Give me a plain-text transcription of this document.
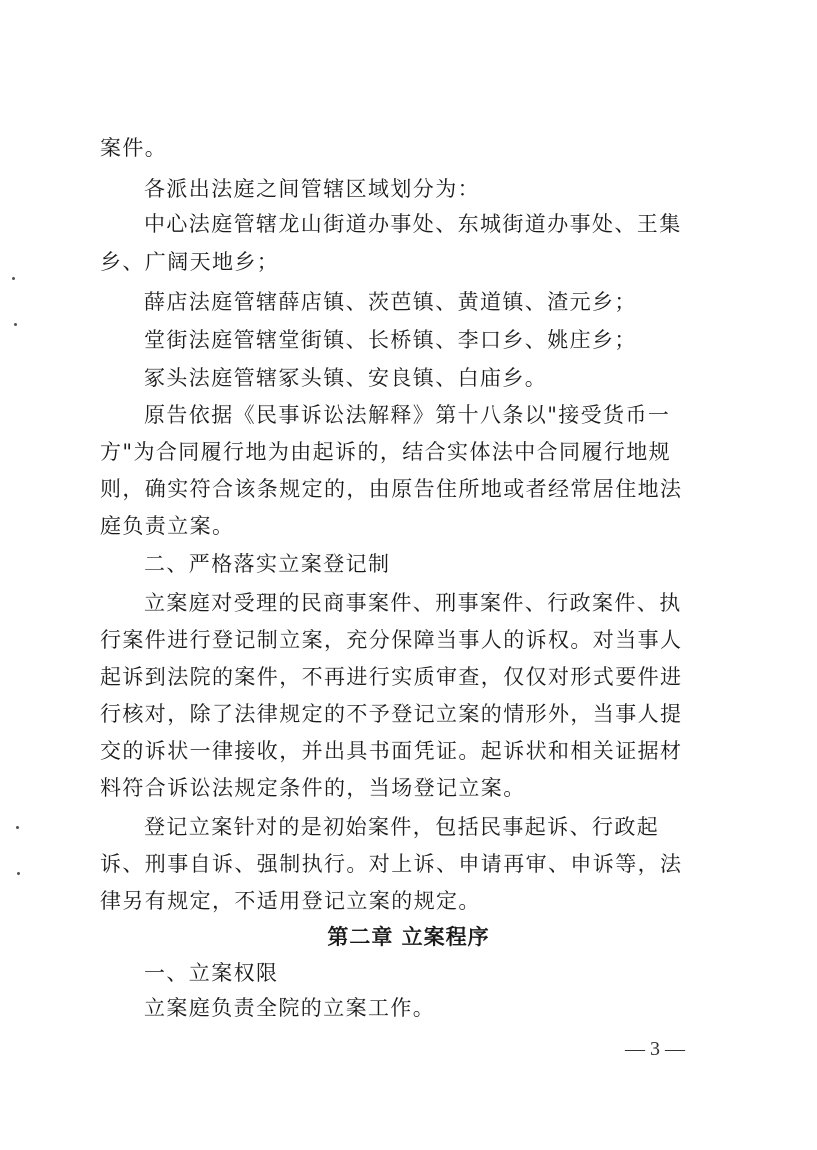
案件。
各派出法庭之间管辖区域划分为：
中心法庭管辖龙山街道办事处、东城街道办事处、王集
乡、广阔天地乡；
薛店法庭管辖薛店镇、茨芭镇、黄道镇、渣元乡；
堂街法庭管辖堂街镇、长桥镇、李口乡、姚庄乡；
冢头法庭管辖冢头镇、安良镇、白庙乡。
原告依据《民事诉讼法解释》第十八条以"接受货币一
方"为合同履行地为由起诉的，结合实体法中合同履行地规
则，确实符合该条规定的，由原告住所地或者经常居住地法
庭负责立案。
二、严格落实立案登记制
立案庭对受理的民商事案件、刑事案件、行政案件、执
行案件进行登记制立案，充分保障当事人的诉权。对当事人
起诉到法院的案件，不再进行实质审查，仅仅对形式要件进
行核对，除了法律规定的不予登记立案的情形外，当事人提
交的诉状一律接收，并出具书面凭证。起诉状和相关证据材
料符合诉讼法规定条件的，当场登记立案。
登记立案针对的是初始案件，包括民事起诉、行政起
诉、刑事自诉、强制执行。对上诉、申请再审、申诉等，法
律另有规定，不适用登记立案的规定。
第二章 立案程序
一、立案权限
立案庭负责全院的立案工作。
— 3 —
